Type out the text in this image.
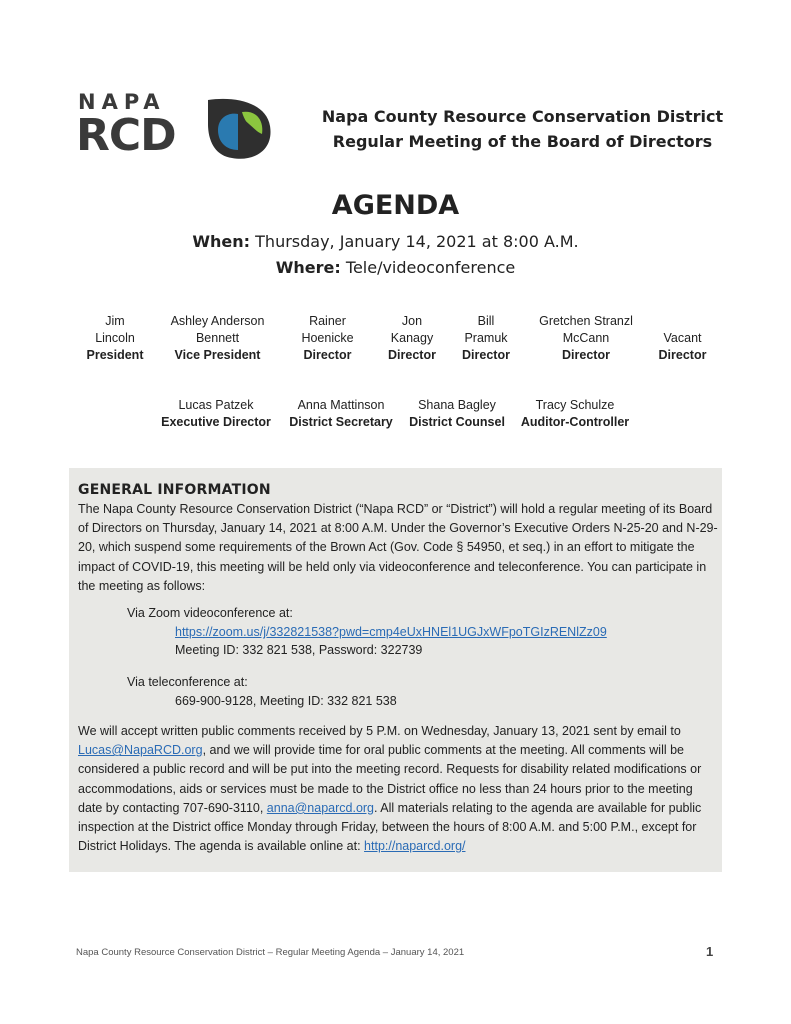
NAPA
RCD	Napa County Resource Conservation District
Regular Meeting of the Board of Directors
AGENDA
When: Thursday, January 14, 2021 at 8:00 A.M.
Where: Tele/videoconference
Jim
Lincoln
President
Ashley Anderson
Bennett
Vice President
Rainer
Hoenicke
Director
Jon
Kanagy
Director
Bill
Pramuk
Director
Gretchen Stranzl
McCann
Director
Vacant
Director
Lucas Patzek
Executive Director
Anna Mattinson
District Secretary
Shana Bagley
District Counsel
Tracy Schulze
Auditor-Controller
GENERAL INFORMATION
The Napa County Resource Conservation District (“Napa RCD” or “District”) will hold a regular meeting of its Board of Directors on Thursday, January 14, 2021 at 8:00 A.M. Under the Governor’s Executive Orders N-25-20 and N-29-20, which suspend some requirements of the Brown Act (Gov. Code § 54950, et seq.) in an effort to mitigate the impact of COVID-19, this meeting will be held only via videoconference and teleconference. You can participate in the meeting as follows:
Via Zoom videoconference at:
https://zoom.us/j/332821538?pwd=cmp4eUxHNEl1UGJxWFpoTGIzRENlZz09
Meeting ID: 332 821 538, Password: 322739
Via teleconference at:
669-900-9128, Meeting ID: 332 821 538
We will accept written public comments received by 5 P.M. on Wednesday, January 13, 2021 sent by email to Lucas@NapaRCD.org, and we will provide time for oral public comments at the meeting. All comments will be considered a public record and will be put into the meeting record. Requests for disability related modifications or accommodations, aids or services must be made to the District office no less than 24 hours prior to the meeting date by contacting 707-690-3110, anna@naparcd.org. All materials relating to the agenda are available for public inspection at the District office Monday through Friday, between the hours of 8:00 A.M. and 5:00 P.M., except for District Holidays. The agenda is available online at: http://naparcd.org/
Napa County Resource Conservation District – Regular Meeting Agenda – January 14, 2021	1
